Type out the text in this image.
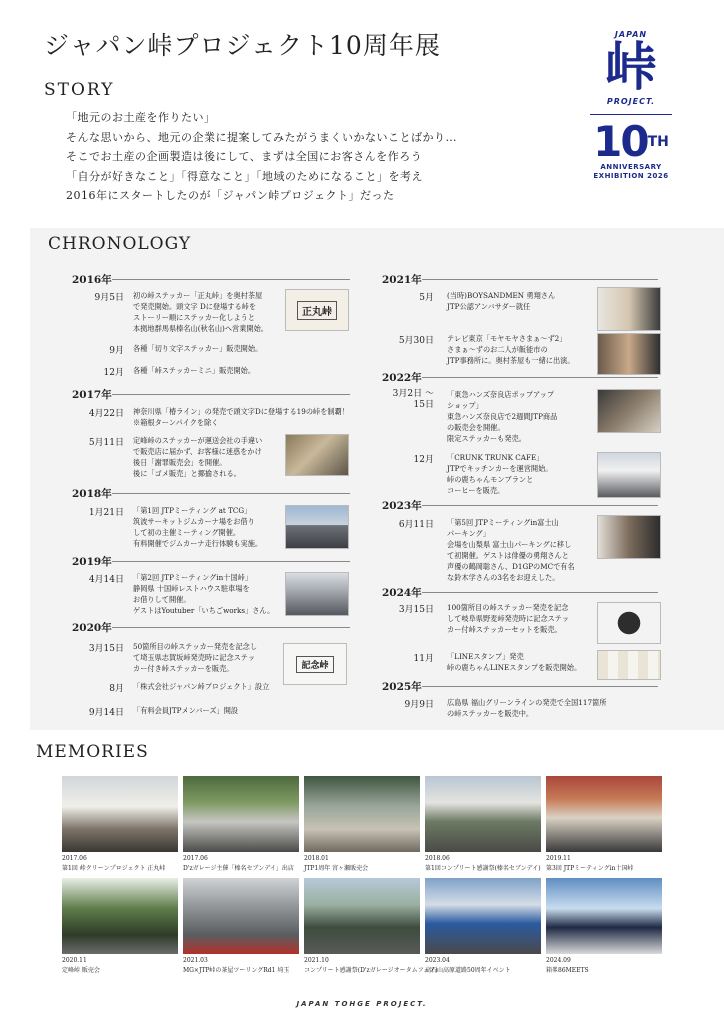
ジャパン峠プロジェクト10周年展
STORY
「地元のお土産を作りたい」
そんな思いから、地元の企業に提案してみたがうまくいかないことばかり…
そこでお土産の企画製造は後にして、まずは全国にお客さんを作ろう
「自分が好きなこと」「得意なこと」「地域のためになること」を考え
2016年にスタートしたのが「ジャパン峠プロジェクト」だった
JAPAN
峠
PROJECT.
10TH
ANNIVERSARY
EXHIBITION 2026
CHRONOLOGY
2016年
2017年
2018年
2019年
2020年
2021年
2022年
2023年
2024年
2025年
9月5日 初の峠ステッカー「正丸峠」を奥村茶屋
で発売開始。頭文字 Dに登場する峠を
ストーリー順にステッカー化しようと
本拠地群馬県榛名山(秋名山)へ営業開始。
正丸峠
9月 各種「切り文字ステッカー」販売開始。
12月 各種「峠ステッカーミニ」販売開始。
4月22日 神奈川県「椿ライン」の発売で頭文字Dに登場する19の峠を制覇！
※箱根ターンパイクを除く
5月11日 定峰峠のステッカーが運送会社の手違い
で販売店に届かず、お客様に迷惑をかけ
後日「謝罪販売会」を開催。
後に「ゴメ販売」と揶揄される。
1月21日 「第1回 JTPミーティング at TCG」
筑波サーキットジムカーナ場をお借り
して初の主催ミーティング開催。
有料開催でジムカーナ走行体験も実施。
4月14日 「第2回 JTPミーティングin十国峠」
静岡県 十国峠レストハウス駐車場を
お借りして開催。
ゲストはYoutuber「いちごworks」さん。
3月15日 50箇所目の峠ステッカー発売を記念し
て埼玉県志賀坂峠発売時に記念ステッ
カー付き峠ステッカーを販売。	記念峠
8月 「株式会社ジャパン峠プロジェクト」設立
9月14日 「有料会員JTPメンバーズ」開設
5月 (当時)BOYSANDMEN 勇翔さん
JTP公認アンバサダー就任
5月30日 テレビ東京「モヤモヤさまぁ～ず2」
さまぁ～ずのお二人が飯能市の
JTP事務所に。奥村茶屋も一緒に出演。
3月2日 ～15日
「東急ハンズ奈良店ポップアップ
ショップ」
東急ハンズ奈良店で2週間JTP商品
の販売会を開催。
限定ステッカーも発売。
12月 「CRUNK TRUNK CAFE」
JTPでキッチンカーを運営開始。
峠の鹿ちゃんモンブランと
コーヒーを販売。
6月11日 「第5回 JTPミーティングin富士山
パーキング」
会場を山梨県 富士山パーキングに移し
て初開催。ゲストは俳優の勇翔さんと
声優の鶴岡聡さん、D1GPのMCで有名
な鈴木学さんの3名をお迎えした。
3月15日 100箇所目の峠ステッカー発売を記念
して岐阜県野麦峠発売時に記念ステッ
カー付峠ステッカーセットを販売。
11月 「LINEスタンプ」発売
峠の鹿ちゃんLINEスタンプを販売開始。
9月9日 広島県 福山グリーンラインの発売で全国117箇所
の峠ステッカーを販売中。
MEMORIES
2017.06
第1回 峠クリーンプロジェクト 正丸峠
2017.06
D'zガレージ主催「榛名セブンデイ」出店
2018.01
JTP1周年 宮ヶ瀬販売会
2018.06
第1回コンプリート感謝祭(榛名セブンデイ)
2019.11
第3回 JTPミーティングin十国峠
2020.11
定峰峠 販売会
2021.03
MG×JTP峠の茶屋ツーリングRd1 埼玉
2021.10
コンプリート感謝祭(D'zガレージオータムフェア)
2023.04
高石山高原道路50周年イベント
2024.09
箱峯86MEETS
JAPAN TOHGE PROJECT.
